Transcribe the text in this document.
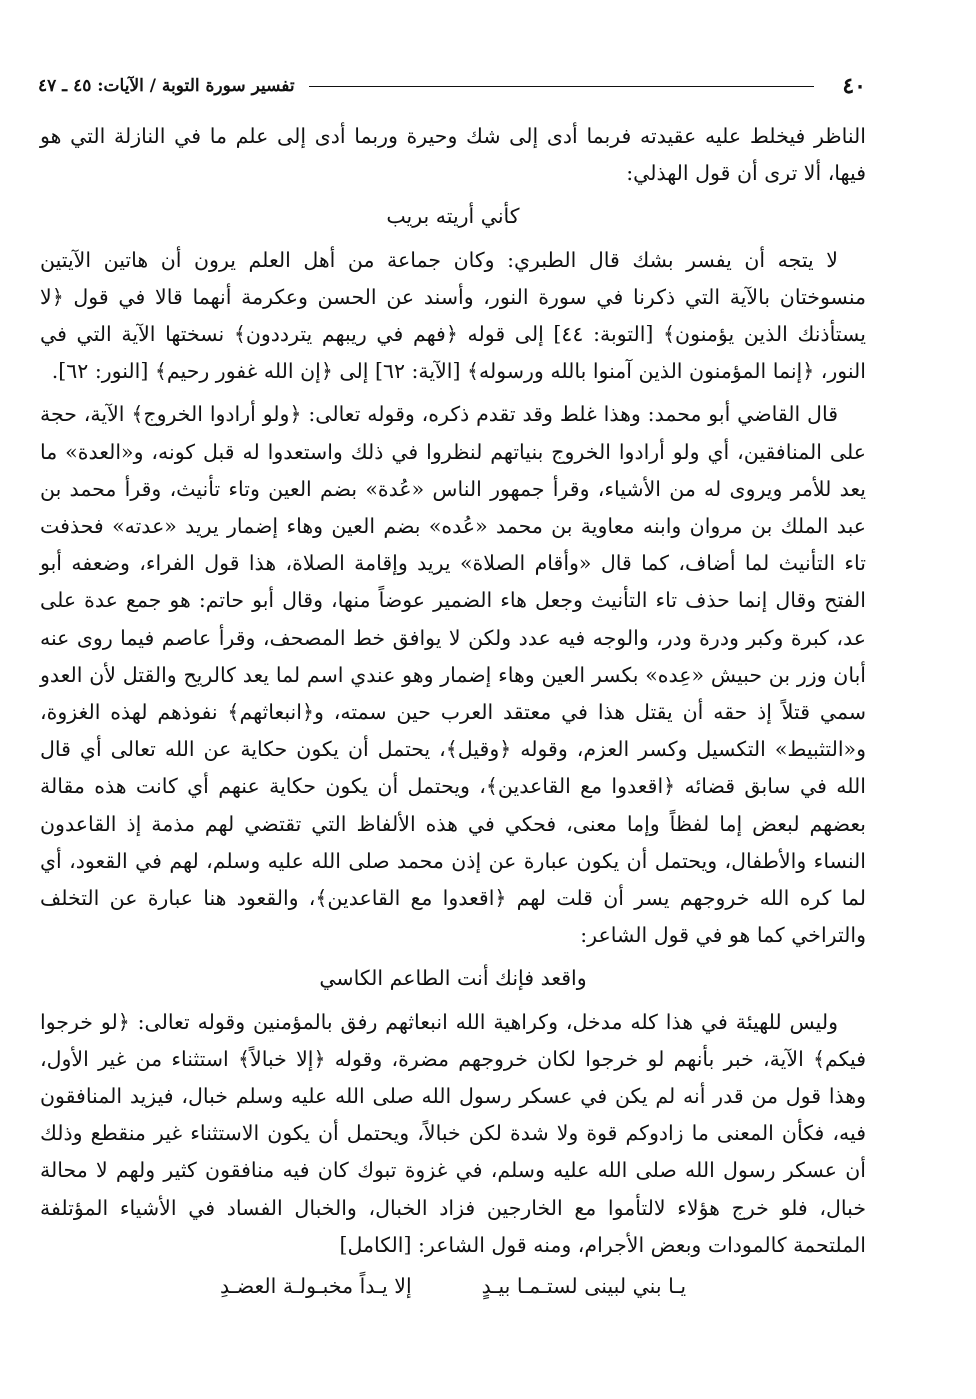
٤٠
تفسير سورة التوبة / الآيات: ٤٥ ـ ٤٧

الناظر فيخلط عليه عقيدته فربما أدى إلى شك وحيرة وربما أدى إلى علم ما في النازلة التي هو فيها، ألا ترى أن قول الهذلي:

كأني أريته بريب

لا يتجه أن يفسر بشك قال الطبري: وكان جماعة من أهل العلم يرون أن هاتين الآيتين منسوختان بالآية التي ذكرنا في سورة النور، وأسند عن الحسن وعكرمة أنهما قالا في قول ﴿لا يستأذنك الذين يؤمنون﴾ [التوبة: ٤٤] إلى قوله ﴿فهم في ريبهم يترددون﴾ نسختها الآية التي في النور، ﴿إنما المؤمنون الذين آمنوا بالله ورسوله﴾ [الآية: ٦٢] إلى ﴿إن الله غفور رحيم﴾ [النور: ٦٢].

قال القاضي أبو محمد: وهذا غلط وقد تقدم ذكره، وقوله تعالى: ﴿ولو أرادوا الخروج﴾ الآية، حجة على المنافقين، أي ولو أرادوا الخروج بنياتهم لنظروا في ذلك واستعدوا له قبل كونه، و«العدة» ما يعد للأمر ويروى له من الأشياء، وقرأ جمهور الناس «عُدة» بضم العين وتاء تأنيث، وقرأ محمد بن عبد الملك بن مروان وابنه معاوية بن محمد «عُده» بضم العين وهاء إضمار يريد «عدته» فحذفت تاء التأنيث لما أضاف، كما قال «وأقام الصلاة» يريد وإقامة الصلاة، هذا قول الفراء، وضعفه أبو الفتح وقال إنما حذف تاء التأنيث وجعل هاء الضمير عوضاً منها، وقال أبو حاتم: هو جمع عدة على عد، كبرة وكبر ودرة ودر، والوجه فيه عدد ولكن لا يوافق خط المصحف، وقرأ عاصم فيما روى عنه أبان وزر بن حبيش «عِده» بكسر العين وهاء إضمار وهو عندي اسم لما يعد كالريح والقتل لأن العدو سمي قتلاً إذ حقه أن يقتل هذا في معتقد العرب حين سمته، و﴿انبعاثهم﴾ نفوذهم لهذه الغزوة، و«التثبيط» التكسيل وكسر العزم، وقوله ﴿وقيل﴾، يحتمل أن يكون حكاية عن الله تعالى أي قال الله في سابق قضائه ﴿اقعدوا مع القاعدين﴾، ويحتمل أن يكون حكاية عنهم أي كانت هذه مقالة بعضهم لبعض إما لفظاً وإما معنى، فحكي في هذه الألفاظ التي تقتضي لهم مذمة إذ القاعدون النساء والأطفال، ويحتمل أن يكون عبارة عن إذن محمد صلى الله عليه وسلم، لهم في القعود، أي لما كره الله خروجهم يسر أن قلت لهم ﴿اقعدوا مع القاعدين﴾، والقعود هنا عبارة عن التخلف والتراخي كما هو في قول الشاعر:

واقعد فإنك أنت الطاعم الكاسي

وليس للهيئة في هذا كله مدخل، وكراهية الله انبعاثهم رفق بالمؤمنين وقوله تعالى: ﴿لو خرجوا فيكم﴾ الآية، خبر بأنهم لو خرجوا لكان خروجهم مضرة، وقوله ﴿إلا خبالاً﴾ استثناء من غير الأول، وهذا قول من قدر أنه لم يكن في عسكر رسول الله صلى الله عليه وسلم خبال، فيزيد المنافقون فيه، فكأن المعنى ما زادوكم قوة ولا شدة لكن خبالاً، ويحتمل أن يكون الاستثناء غير منقطع وذلك أن عسكر رسول الله صلى الله عليه وسلم، في غزوة تبوك كان فيه منافقون كثير ولهم لا محالة خبال، فلو خرج هؤلاء لالتأموا مع الخارجين فزاد الخبال، والخبال الفساد في الأشياء المؤتلفة الملتحمة كالمودات وبعض الأجرام، ومنه قول الشاعر: [الكامل]

يـا بني لبينى لستـمـا بيـدٍ
إلا يـداً مخبـولـة العضـدِ
